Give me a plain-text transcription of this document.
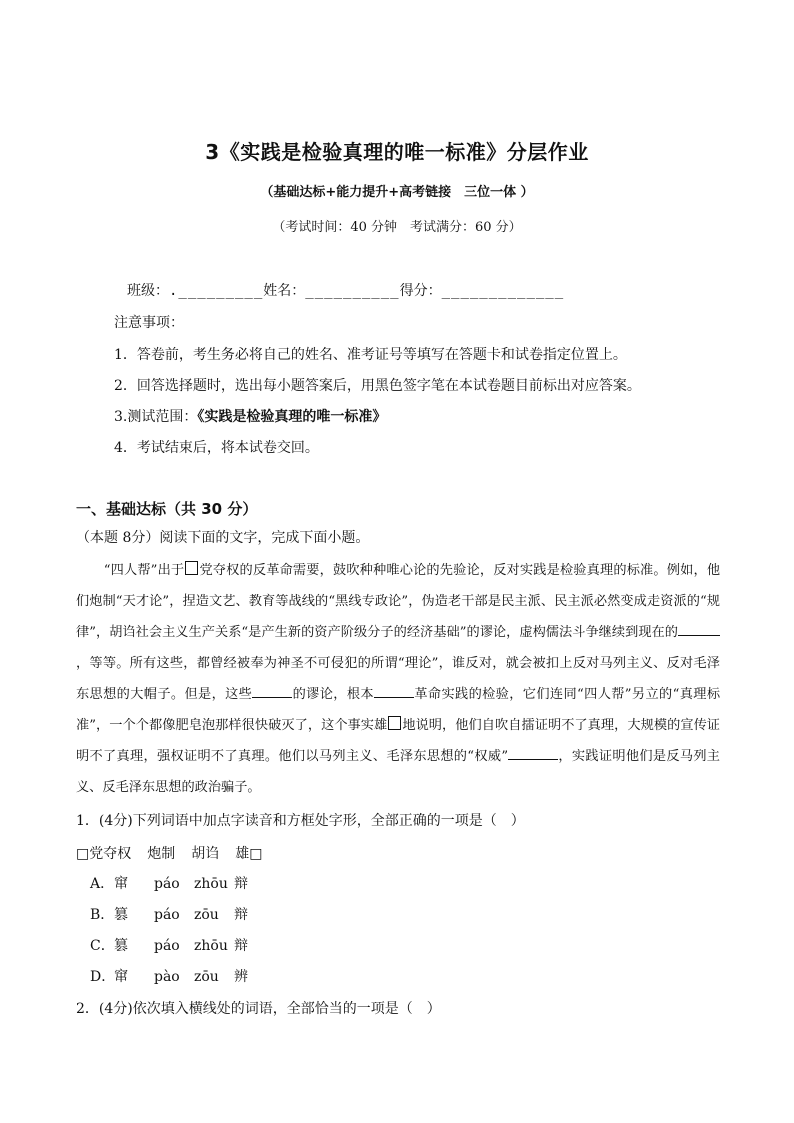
3《实践是检验真理的唯一标准》分层作业
（基础达标+能力提升+高考链接　三位一体 ）
（考试时间：40 分钟　考试满分：60 分）
班级：._________姓名：__________得分：_____________
注意事项：
1．答卷前，考生务必将自己的姓名、准考证号等填写在答题卡和试卷指定位置上。
2．回答选择题时，选出每小题答案后，用黑色签字笔在本试卷题目前标出对应答案。
3.测试范围：《实践是检验真理的唯一标准》
4．考试结束后，将本试卷交回。
一、基础达标（共 30 分）
（本题 8分）阅读下面的文字，完成下面小题。

“四人帮”出于 党夺权的反革命需要，鼓吹种种唯心论的先验论，反对实践是检验真理的标准。例如，他们炮制“天才论”，捏造文艺、教育等战线的“黑线专政论”，伪造老干部是民主派、民主派必然变成走资派的“规律”，胡诌社会主义生产关系“是产生新的资产阶级分子的经济基础”的谬论，虚构儒法斗争继续到现在的，等等。所有这些，都曾经被奉为神圣不可侵犯的所谓“理论”，谁反对，就会被扣上反对马列主义、反对毛泽东思想的大帽子。但是，这些	的谬论，根本	革命实践的检验，它们连同“四人帮”另立的“真理标准”，一个个都像肥皂泡那样很快破灭了，这个事实雄 地说明，他们自吹自擂证明不了真理，大规模的宣传证明不了真理，强权证明不了真理。他们以马列主义、毛泽东思想的“权威”	，实践证明他们是反马列主义、反毛泽东思想的政治骗子。

1．(4分)下列词语中加点字读音和方框处字形，全部正确的一项是（　）
□党夺权 炮制 胡诌 雄□
A．窜 páo zhōu 辩
B．篡 páo zōu 辩
C．篡 páo zhōu 辩
D．窜 pào zōu 辨
2．(4分)依次填入横线处的词语，全部恰当的一项是（　）
